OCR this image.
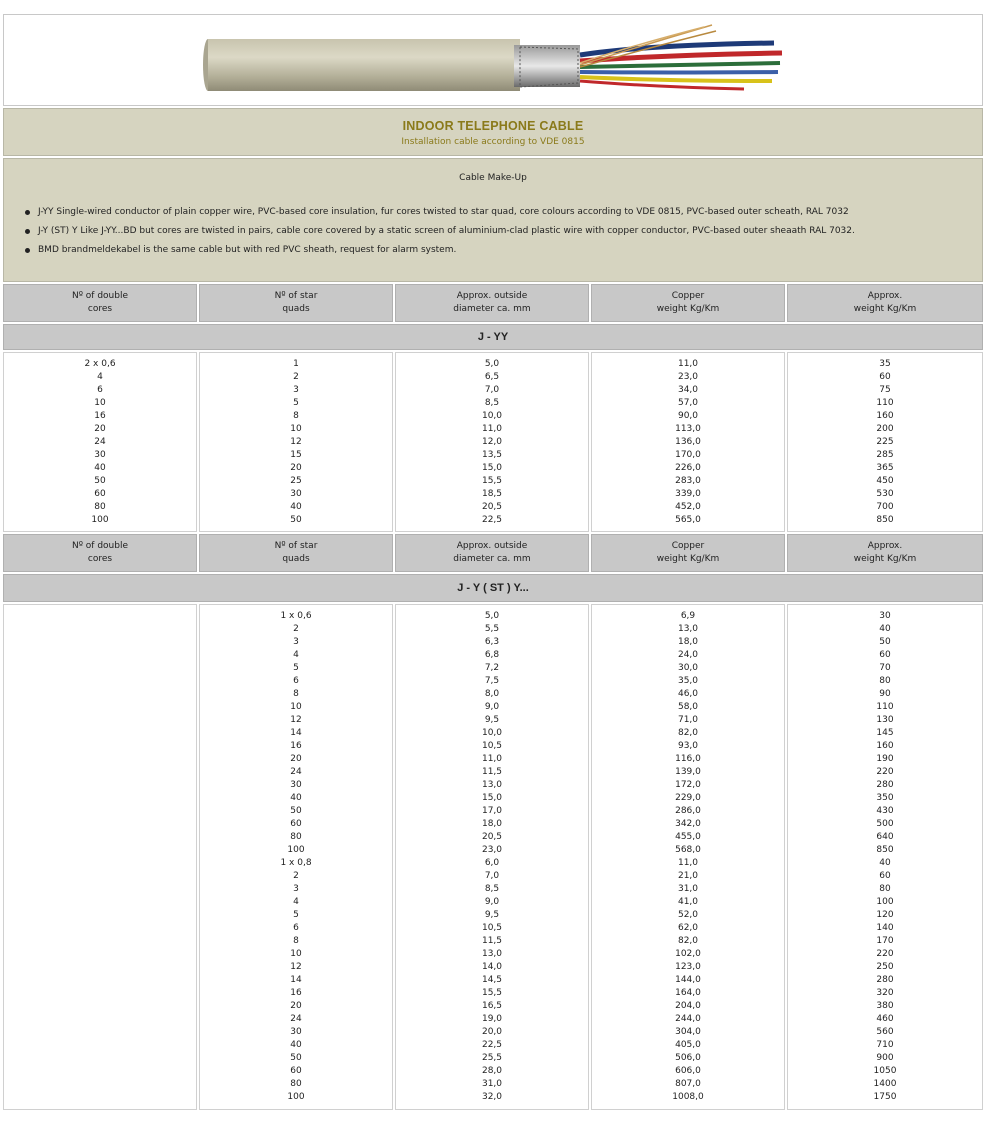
INDOOR TELEPHONE CABLE
Installation cable according to VDE 0815
Cable Make-Up
J-YY Single-wired conductor of plain copper wire, PVC-based core insulation, fur cores twisted to star quad, core colours according to VDE 0815, PVC-based outer scheath, RAL 7032
J-Y (ST) Y Like J-YY...BD but cores are twisted in pairs, cable core covered by a static screen of aluminium-clad plastic wire with copper conductor, PVC-based outer sheaath RAL 7032.
BMD brandmeldekabel is the same cable but with red PVC sheath, request for alarm system.
Nº of double
cores
Nº of star
quads
Approx. outside
diameter ca. mm
Copper
weight Kg/Km
Approx.
weight Kg/Km
J - YY
2 x 0,6
4
6
10
16
20
24
30
40
50
60
80
100
1
2
3
5
8
10
12
15
20
25
30
40
50
5,0
6,5
7,0
8,5
10,0
11,0
12,0
13,5
15,0
15,5
18,5
20,5
22,5
11,0
23,0
34,0
57,0
90,0
113,0
136,0
170,0
226,0
283,0
339,0
452,0
565,0
35
60
75
110
160
200
225
285
365
450
530
700
850
Nº of double
cores
Nº of star
quads
Approx. outside
diameter ca. mm
Copper
weight Kg/Km
Approx.
weight Kg/Km
J - Y ( ST ) Y...
1 x 0,6
2
3
4
5
6
8
10
12
14
16
20
24
30
40
50
60
80
100
1 x 0,8
2
3
4
5
6
8
10
12
14
16
20
24
30
40
50
60
80
100
5,0
5,5
6,3
6,8
7,2
7,5
8,0
9,0
9,5
10,0
10,5
11,0
11,5
13,0
15,0
17,0
18,0
20,5
23,0
6,0
7,0
8,5
9,0
9,5
10,5
11,5
13,0
14,0
14,5
15,5
16,5
19,0
20,0
22,5
25,5
28,0
31,0
32,0
6,9
13,0
18,0
24,0
30,0
35,0
46,0
58,0
71,0
82,0
93,0
116,0
139,0
172,0
229,0
286,0
342,0
455,0
568,0
11,0
21,0
31,0
41,0
52,0
62,0
82,0
102,0
123,0
144,0
164,0
204,0
244,0
304,0
405,0
506,0
606,0
807,0
1008,0
30
40
50
60
70
80
90
110
130
145
160
190
220
280
350
430
500
640
850
40
60
80
100
120
140
170
220
250
280
320
380
460
560
710
900
1050
1400
1750
